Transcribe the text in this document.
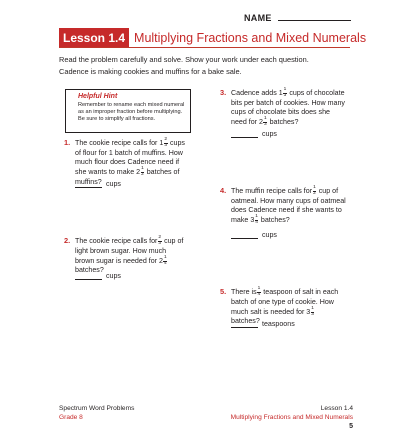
NAME
Lesson 1.4 Multiplying Fractions and Mixed Numerals
Read the problem carefully and solve. Show your work under each question.
Cadence is making cookies and muffins for a bake sale.
Helpful Hint
Remember to rename each mixed numeral as an improper fraction before multiplying. Be sure to simplify all fractions.
1. The cookie recipe calls for $1 \frac{2}{3}$ cups of flour for 1 batch of muffins. How much flour does Cadence need if she wants to make $2 \frac{1}{2}$ batches of muffins? cups
2. The cookie recipe calls for $\frac{2}{3}$ cup of light brown sugar. How much brown sugar is needed for $2 \frac{1}{4}$
batches?
cups
3. Cadence adds $1 \frac{1}{3}$ cups of chocolate bits per batch of cookies. How many cups of chocolate bits does she need for $2 \frac{1}{3}$ batches?
cups
4. The muffin recipe calls for $\frac{1}{2}$ cup of oatmeal. How many cups of oatmeal does Cadence need if she wants to make $3 \frac{1}{4}$ batches?
cups
5. There is $\frac{1}{4}$ teaspoon of salt in each batch of one type of cookie. How much salt is needed for $3 \frac{1}{3}$
batches? teaspoons
Spectrum Word Problems
Grade 8
Lesson 1.4
Multiplying Fractions and Mixed Numerals
5
